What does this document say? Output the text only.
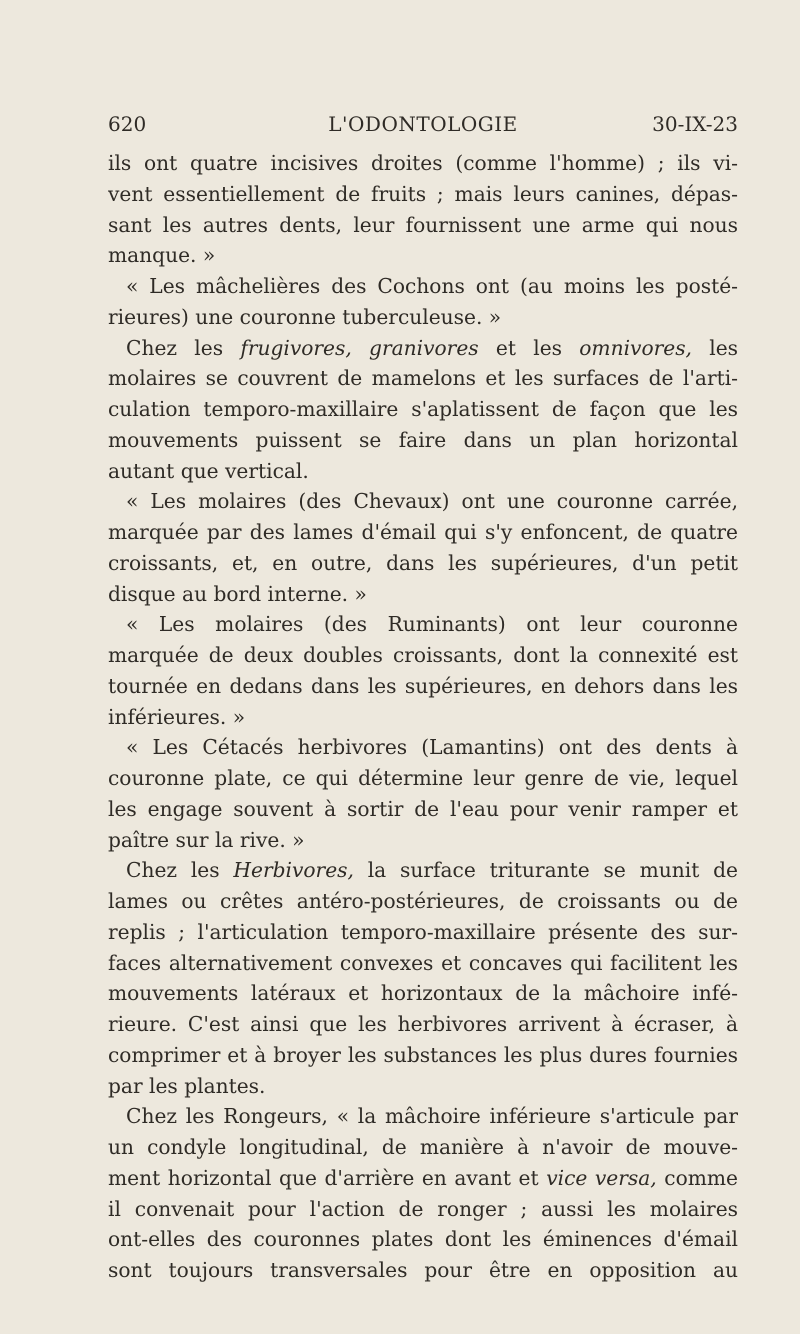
620	L'ODONTOLOGIE	30-IX-23
ils ont quatre incisives droites (comme l'homme) ; ils vi-
vent essentiellement de fruits ; mais leurs canines, dépas-
sant les autres dents, leur fournissent une arme qui nous
manque. »
« Les mâchelières des Cochons ont (au moins les posté-
rieures) une couronne tuberculeuse. »
Chez les frugivores, granivores et les omnivores, les
molaires se couvrent de mamelons et les surfaces de l'arti-
culation temporo-maxillaire s'aplatissent de façon que les
mouvements puissent se faire dans un plan horizontal
autant que vertical.
« Les molaires (des Chevaux) ont une couronne carrée,
marquée par des lames d'émail qui s'y enfoncent, de quatre
croissants, et, en outre, dans les supérieures, d'un petit
disque au bord interne. »
« Les molaires (des Ruminants) ont leur couronne
marquée de deux doubles croissants, dont la connexité est
tournée en dedans dans les supérieures, en dehors dans les
inférieures. »
« Les Cétacés herbivores (Lamantins) ont des dents à
couronne plate, ce qui détermine leur genre de vie, lequel
les engage souvent à sortir de l'eau pour venir ramper et
paître sur la rive. »
Chez les Herbivores, la surface triturante se munit de
lames ou crêtes antéro-postérieures, de croissants ou de
replis ; l'articulation temporo-maxillaire présente des sur-
faces alternativement convexes et concaves qui facilitent les
mouvements latéraux et horizontaux de la mâchoire infé-
rieure. C'est ainsi que les herbivores arrivent à écraser, à
comprimer et à broyer les substances les plus dures fournies
par les plantes.
Chez les Rongeurs, « la mâchoire inférieure s'articule par
un condyle longitudinal, de manière à n'avoir de mouve-
ment horizontal que d'arrière en avant et vice versa, comme
il convenait pour l'action de ronger ; aussi les molaires
ont-elles des couronnes plates dont les éminences d'émail
sont toujours transversales pour être en opposition au
